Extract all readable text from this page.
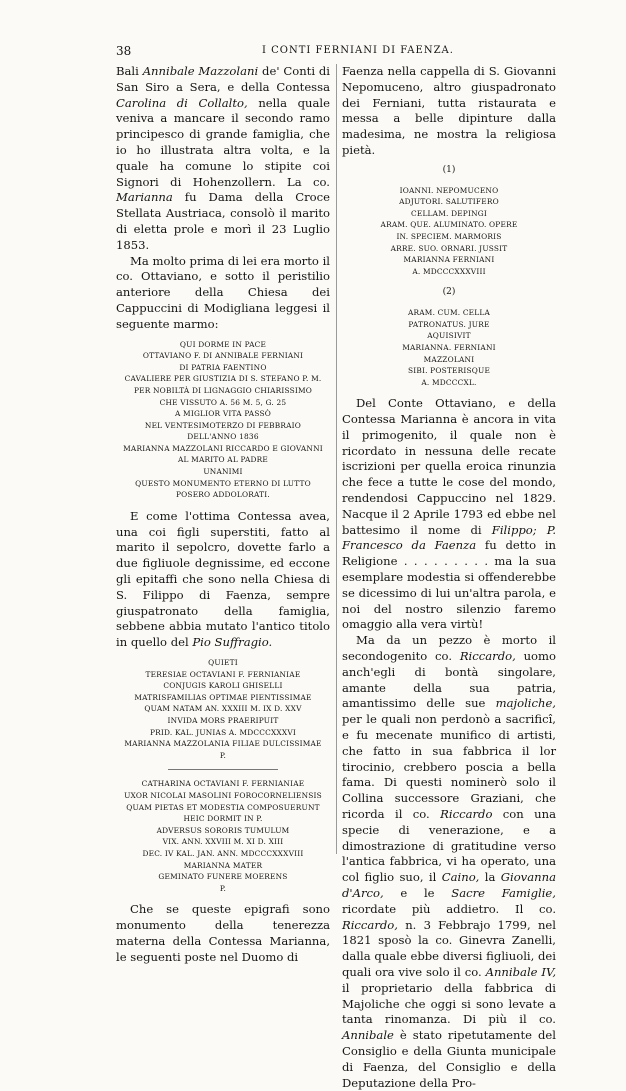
38	I CONTI FERNIANI DI FAENZA.

Bali Annibale Mazzolani de' Conti di San Siro a Sera, e della Contessa Carolina di Collalto, nella quale veniva a mancare il secondo ramo principesco di grande famiglia, che io ho illustrata altra volta, e la quale ha comune lo stipite coi Signori di Hohenzollern. La co. Marianna fu Dama della Croce Stellata Austriaca, consolò il marito di eletta prole e morì il 23 Luglio 1853.

Ma molto prima di lei era morto il co. Ottaviano, e sotto il peristilio anteriore della Chiesa dei Cappuccini di Modigliana leggesi il seguente marmo:

QUI DORME IN PACE
OTTAVIANO F. DI ANNIBALE FERNIANI
DI PATRIA FAENTINO
CAVALIERE PER GIUSTIZIA DI S. STEFANO P. M.
PER NOBILTÀ DI LIGNAGGIO CHIARISSIMO
CHE VISSUTO A. 56 M. 5, G. 25
A MIGLIOR VITA PASSÒ
NEL VENTESIMOTERZO DI FEBBRAIO
DELL'ANNO 1836
MARIANNA MAZZOLANI RICCARDO E GIOVANNI
AL MARITO AL PADRE
UNANIMI
QUESTO MONUMENTO ETERNO DI LUTTO
POSERO ADDOLORATI.

E come l'ottima Contessa avea, una coi figli superstiti, fatto al marito il sepolcro, dovette farlo a due figliuole degnissime, ed eccone gli epitaffi che sono nella Chiesa di S. Filippo di Faenza, sempre giuspatronato della famiglia, sebbene abbia mutato l'antico titolo in quello del Pio Suffragio.

QUIETI
TERESIAE OCTAVIANI F. FERNIANIAE
CONJUGIS KAROLI GHISELLI
MATRISFAMILIAS OPTIMAE PIENTISSIMAE
QUAM NATAM AN. XXXIII M. IX D. XXV
INVIDA MORS PRAERIPUIT
PRID. KAL. JUNIAS A. MDCCCXXXVI
MARIANNA MAZZOLANIA FILIAE DULCISSIMAE
P.
CATHARINA OCTAVIANI F. FERNIANIAE
UXOR NICOLAI MASOLINI FOROCORNELIENSIS
QUAM PIETAS ET MODESTIA COMPOSUERUNT
HEIC DORMIT IN P.
ADVERSUS SORORIS TUMULUM
VIX. ANN. XXVIII M. XI D. XIII
DEC. IV KAL. JAN. ANN. MDCCCXXXVIII
MARIANNA MATER
GEMINATO FUNERE MOERENS
P.

Che se queste epigrafi sono monumento della tenerezza materna della Contessa Marianna, le seguenti poste nel Duomo di

Faenza nella cappella di S. Giovanni Nepomuceno, altro giuspadronato dei Ferniani, tutta ristaurata e messa a belle dipinture dalla madesima, ne mostra la religiosa pietà.

(1)
IOANNI. NEPOMUCENO
ADJUTORI. SALUTIFERO
CELLAM. DEPINGI
ARAM. QUE. ALUMINATO. OPERE
IN. SPECIEM. MARMORIS
ARRE. SUO. ORNARI. JUSSIT
MARIANNA FERNIANI
A. MDCCCXXXVIII
(2)
ARAM. CUM. CELLA
PATRONATUS. JURE
AQUISIVIT
MARIANNA. FERNIANI
MAZZOLANI
SIBI. POSTERISQUE
A. MDCCCXL.

Del Conte Ottaviano, e della Contessa Marianna è ancora in vita il primogenito, il quale non è ricordato in nessuna delle recate iscrizioni per quella eroica rinunzia che fece a tutte le cose del mondo, rendendosi Cappuccino nel 1829. Nacque il 2 Aprile 1793 ed ebbe nel battesimo il nome di Filippo; P. Francesco da Faenza fu detto in Religione . . . . . . . . . ma la sua esemplare modestia si offenderebbe se dicessimo di lui un'altra parola, e noi del nostro silenzio faremo omaggio alla vera virtù!

Ma da un pezzo è morto il secondogenito co. Riccardo, uomo anch'egli di bontà singolare, amante della sua patria, amantissimo delle sue majoliche, per le quali non perdonò a sacrificî, e fu mecenate munifico di artisti, che fatto in sua fabbrica il lor tirocinio, crebbero poscia a bella fama. Di questi nominerò solo il Collina successore Graziani, che ricorda il co. Riccardo con una specie di venerazione, e a dimostrazione di gratitudine verso l'antica fabbrica, vi ha operato, una col figlio suo, il Caino, la Giovanna d'Arco, e le Sacre Famiglie, ricordate più addietro. Il co. Riccardo, n. 3 Febbrajo 1799, nel 1821 sposò la co. Ginevra Zanelli, dalla quale ebbe diversi figliuoli, dei quali ora vive solo il co. Annibale IV, il proprietario della fabbrica di Majoliche che oggi si sono levate a tanta rinomanza. Di più il co. Annibale è stato ripetutamente del Consiglio e della Giunta municipale di Faenza, del Consiglio e della Deputazione della Pro-
